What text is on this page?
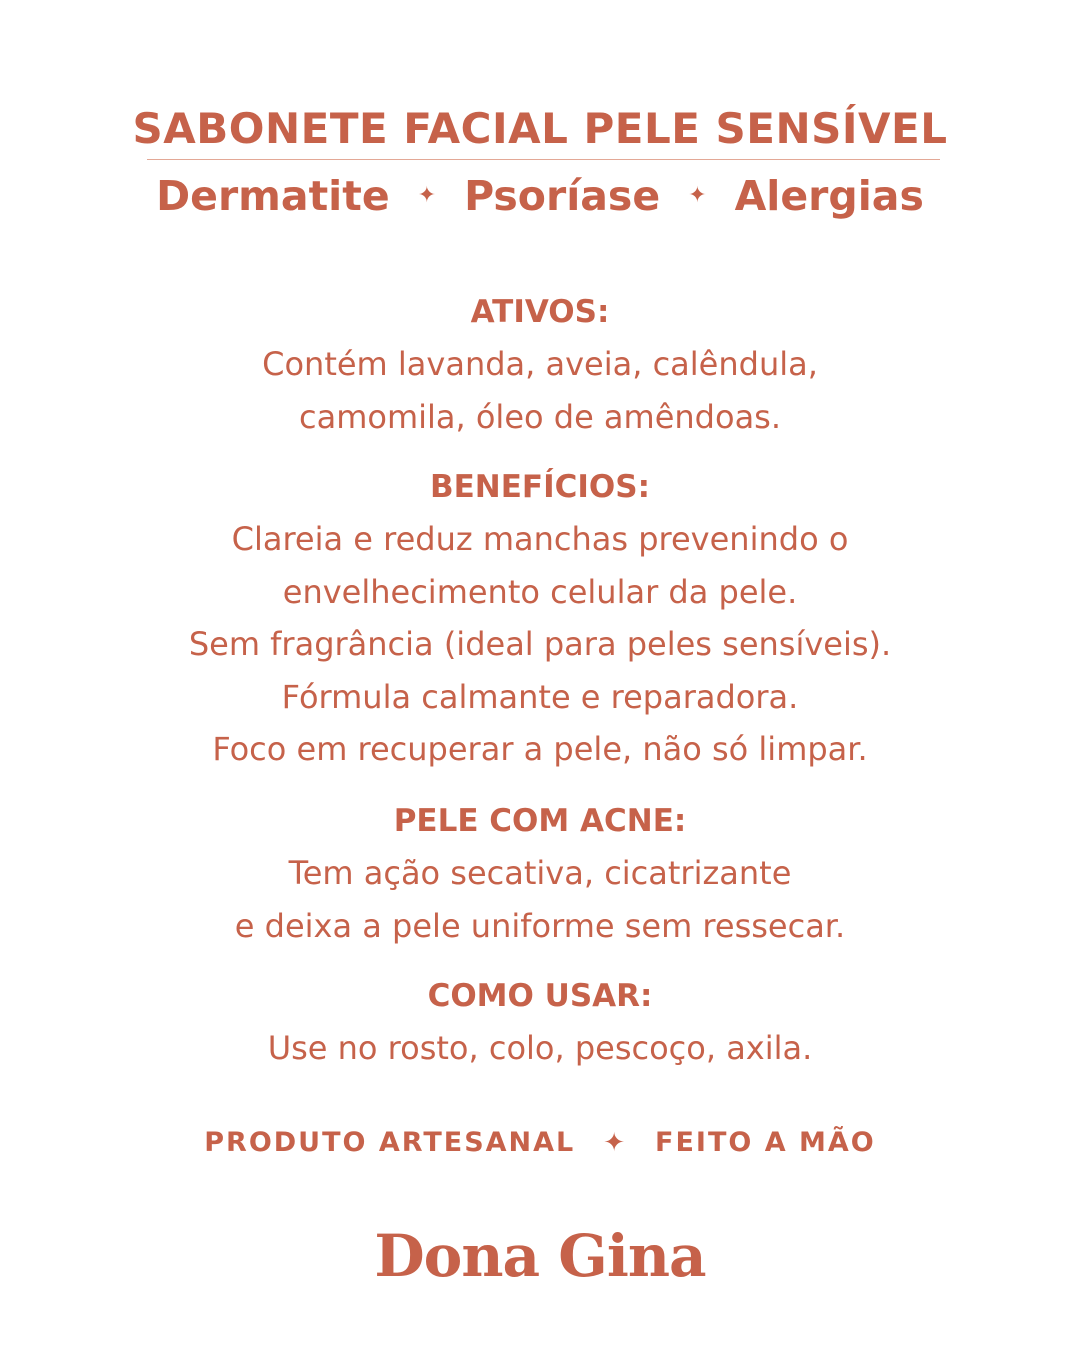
SABONETE FACIAL PELE SENSÍVEL
Dermatite ✦ Psoríase ✦ Alergias
ATIVOS:
Contém lavanda, aveia, calêndula,
camomila, óleo de amêndoas.
BENEFÍCIOS:
Clareia e reduz manchas prevenindo o
envelhecimento celular da pele.
Sem fragrância (ideal para peles sensíveis).
Fórmula calmante e reparadora.
Foco em recuperar a pele, não só limpar.
PELE COM ACNE:
Tem ação secativa, cicatrizante
e deixa a pele uniforme sem ressecar.
COMO USAR:
Use no rosto, colo, pescoço, axila.
PRODUTO ARTESANAL ✦ FEITO A MÃO
Dona Gina
